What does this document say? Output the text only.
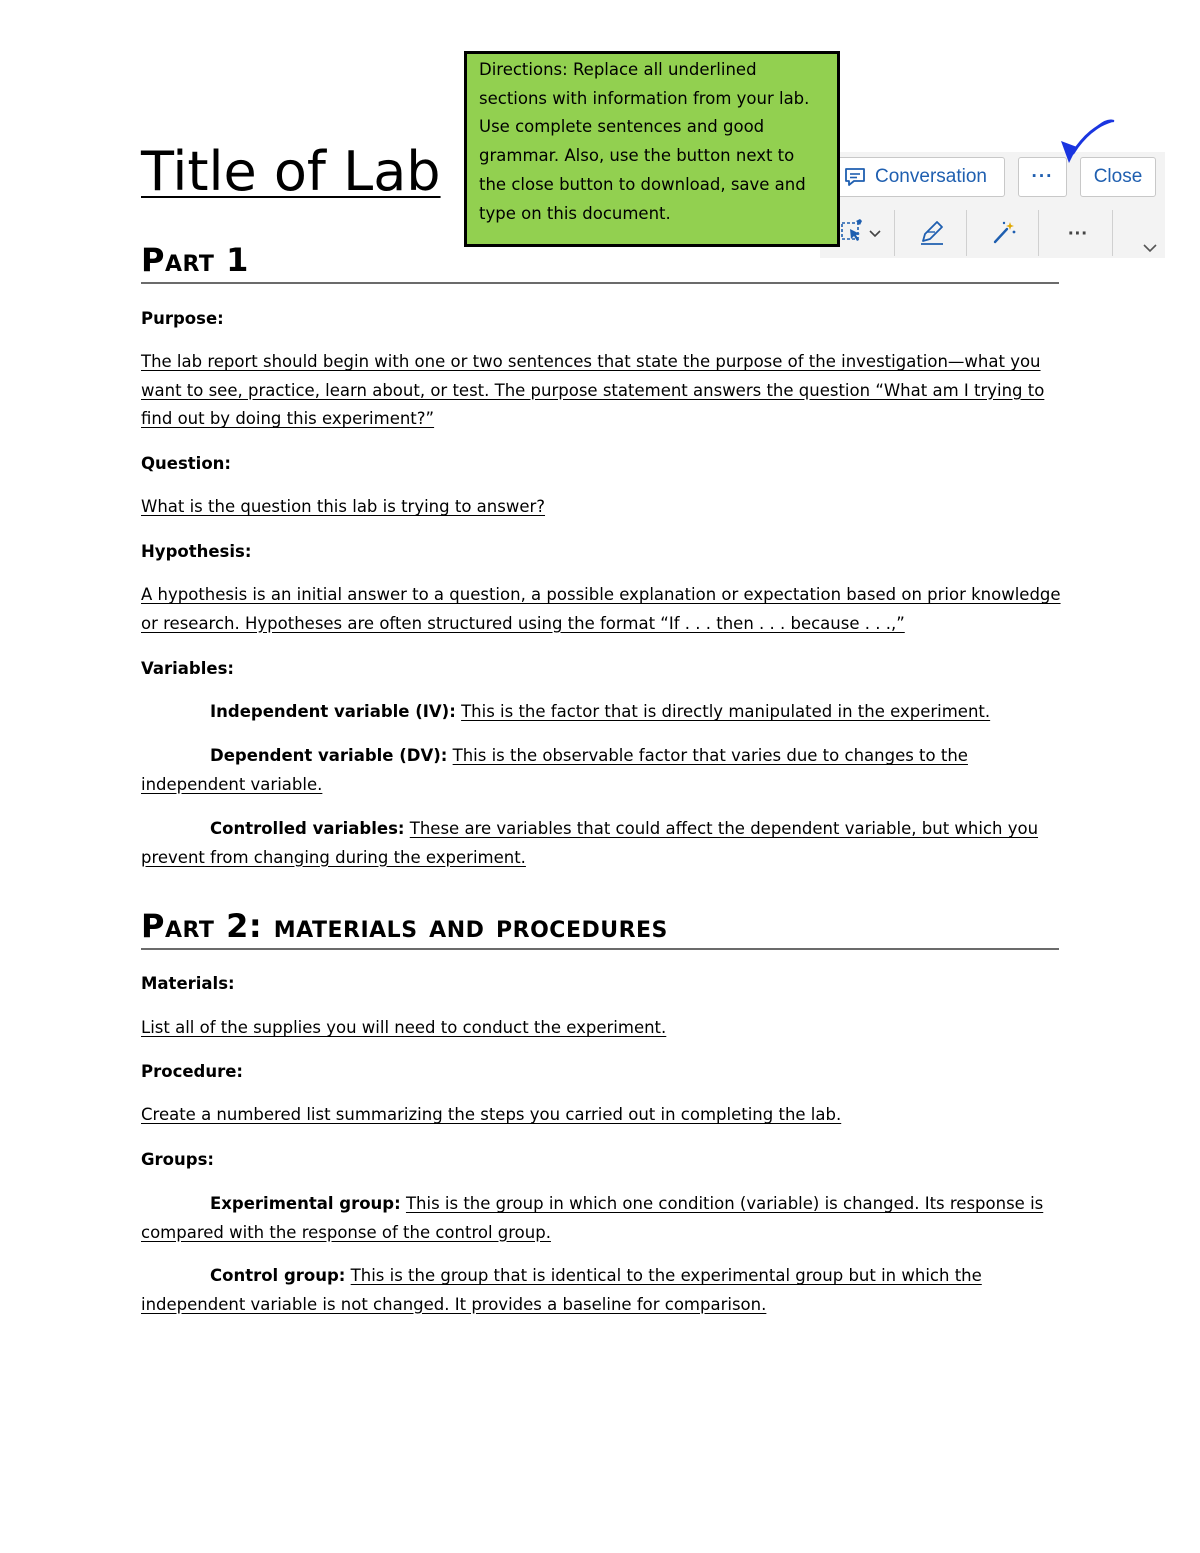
Title of Lab
Part 1
Purpose:

The lab report should begin with one or two sentences that state the purpose of the investigation—what you want to see, practice, learn about, or test. The purpose statement answers the question “What am I trying to find out by doing this experiment?”

Question:

What is the question this lab is trying to answer?

Hypothesis:

A hypothesis is an initial answer to a question, a possible explanation or expectation based on prior knowledge or research. Hypotheses are often structured using the format “If . . . then . . . because . . .,”

Variables:

Independent variable (IV): This is the factor that is directly manipulated in the experiment.

Dependent variable (DV): This is the observable factor that varies due to changes to the independent variable.

Controlled variables: These are variables that could affect the dependent variable, but which you prevent from changing during the experiment.

Part 2: materials and procedures
Materials:

List all of the supplies you will need to conduct the experiment.

Procedure:

Create a numbered list summarizing the steps you carried out in completing the lab.

Groups:

Experimental group: This is the group in which one condition (variable) is changed. Its response is compared with the response of the control group.

Control group: This is the group that is identical to the experimental group but in which the independent variable is not changed. It provides a baseline for comparison.

Conversation ··· Close
···

Directions: Replace all underlined sections with information from your lab. Use complete sentences and good grammar. Also, use the button next to the close button to download, save and type on this document.
